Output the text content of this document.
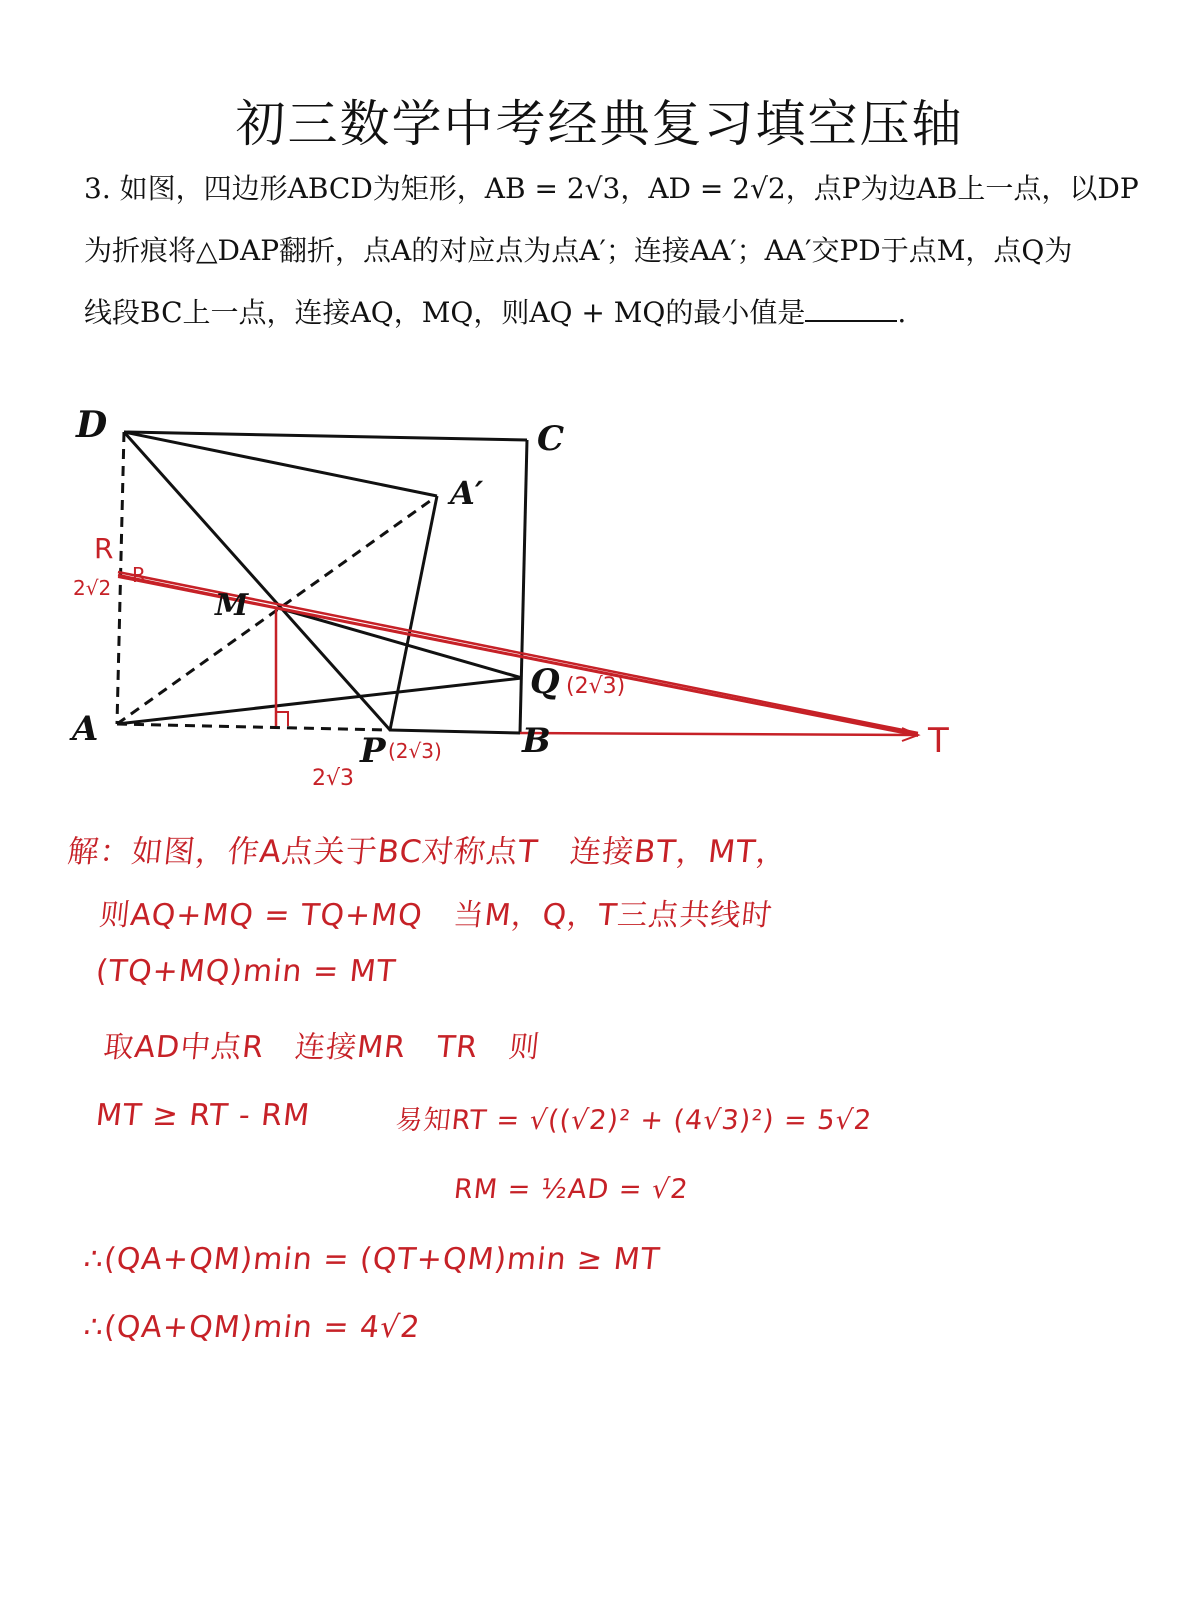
初三数学中考经典复习填空压轴

3. 如图，四边形ABCD为矩形，AB = 2√3，AD = 2√2，点P为边AB上一点，以DP

为折痕将△DAP翻折，点A的对应点为点A′；连接AA′；AA′交PD于点M，点Q为

线段BC上一点，连接AQ，MQ，则AQ + MQ的最小值是	.

D	C
A′
M
Q
A
P	B
R
R
2√2
(2√3)
(2√3)
2√3
T
解：如图，作A点关于BC对称点T　连接BT，MT，
则AQ+MQ = TQ+MQ　当M，Q，T三点共线时
(TQ+MQ)min = MT
取AD中点R　连接MR　TR　则
MT ≥ RT - RM	易知RT = √((√2)² + (4√3)²) = 5√2
RM = ½AD = √2
∴(QA+QM)min = (QT+QM)min ≥ MT
∴(QA+QM)min = 4√2
